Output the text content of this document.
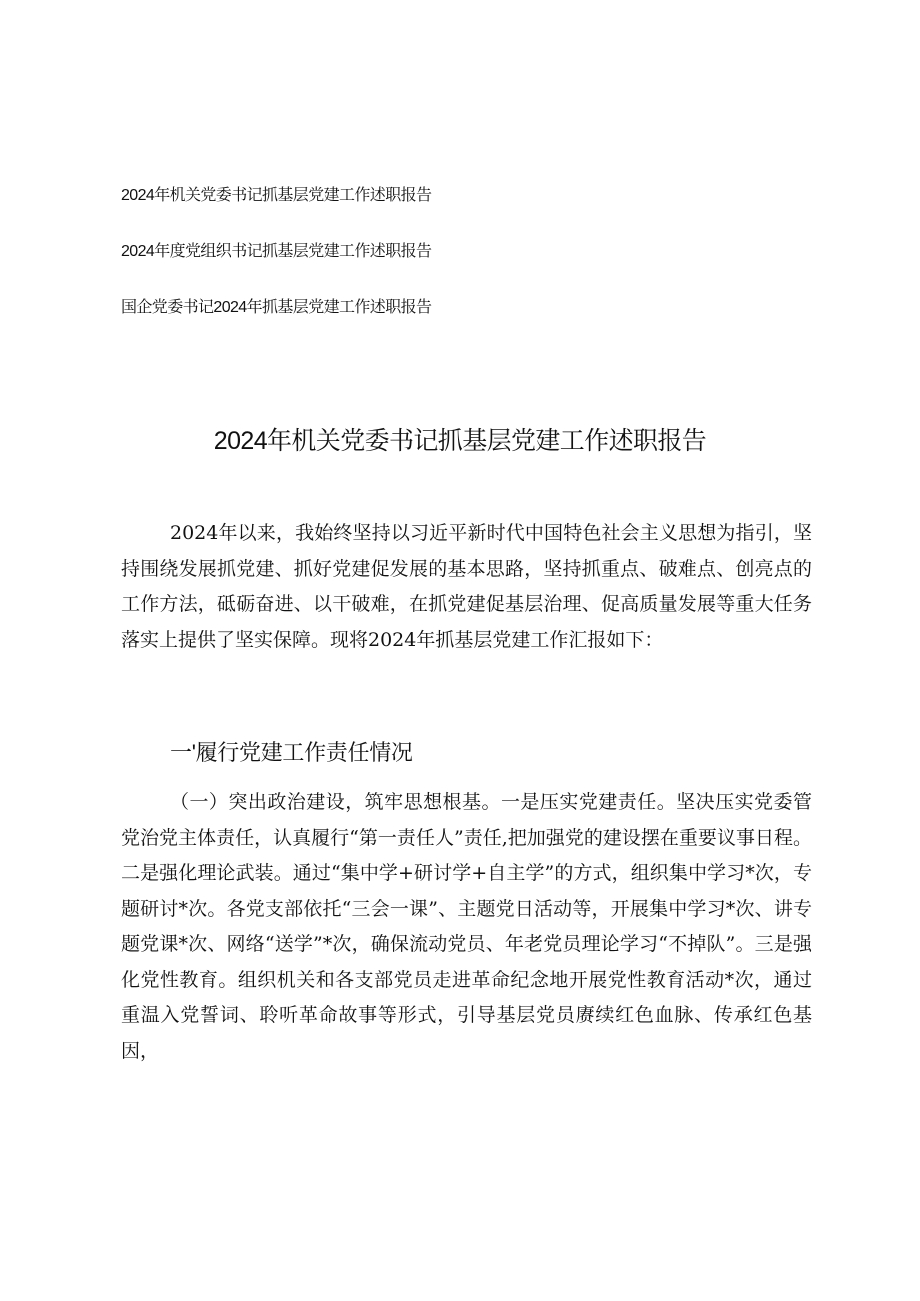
2024年机关党委书记抓基层党建工作述职报告
2024年度党组织书记抓基层党建工作述职报告
国企党委书记2024年抓基层党建工作述职报告
2024年机关党委书记抓基层党建工作述职报告

2024年以来，我始终坚持以习近平新时代中国特色社会主义思想为指引，坚持围绕发展抓党建、抓好党建促发展的基本思路，坚持抓重点、破难点、创亮点的工作方法，砥砺奋进、以干破难，在抓党建促基层治理、促高质量发展等重大任务落实上提供了坚实保障。现将2024年抓基层党建工作汇报如下：

一'履行党建工作责任情况

（一）突出政治建设，筑牢思想根基。一是压实党建责任。坚决压实党委管党治党主体责任，认真履行“第一责任人”责任,把加强党的建设摆在重要议事日程。二是强化理论武装。通过“集中学+研讨学+自主学”的方式，组织集中学习*次，专题研讨*次。各党支部依托“三会一课”、主题党日活动等，开展集中学习*次、讲专题党课*次、网络“送学”*次，确保流动党员、年老党员理论学习“不掉队”。三是强化党性教育。组织机关和各支部党员走进革命纪念地开展党性教育活动*次，通过重温入党誓词、聆听革命故事等形式，引导基层党员赓续红色血脉、传承红色基因，
